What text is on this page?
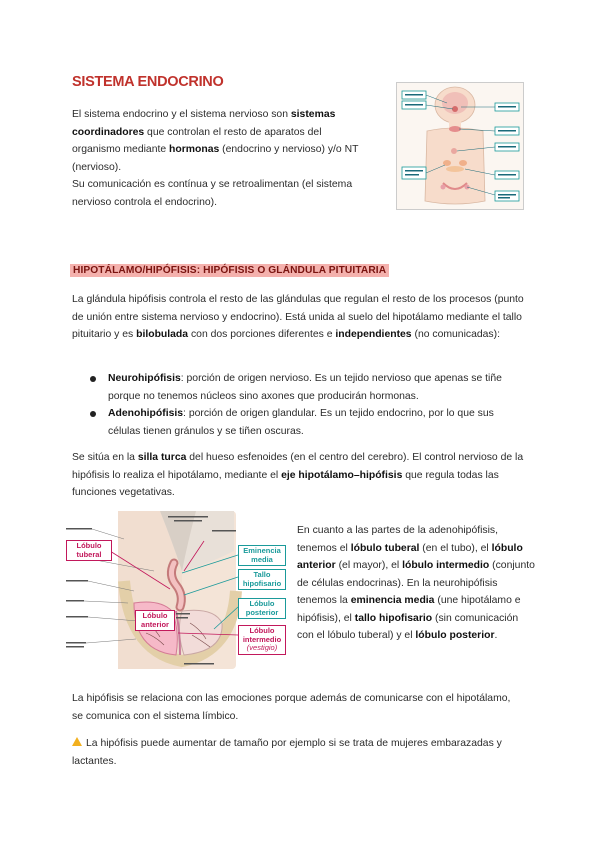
SISTEMA ENDOCRINO
El sistema endocrino y el sistema nervioso son sistemas coordinadores que controlan el resto de aparatos del organismo mediante hormonas (endocrino y nervioso) y/o NT (nervioso).
Su comunicación es contínua y se retroalimentan (el sistema nervioso controla el endocrino).
HIPOTÁLAMO/HIPÓFISIS: HIPÓFISIS O GLÁNDULA PITUITARIA
La glándula hipófisis controla el resto de las glándulas que regulan el resto de los procesos (punto de unión entre sistema nervioso y endocrino). Está unida al suelo del hipotálamo mediante el tallo pituitario y es bilobulada con dos porciones diferentes e independientes (no comunicadas):
Neurohipófisis: porción de origen nervioso. Es un tejido nervioso que apenas se tiñe porque no tenemos núcleos sino axones que producirán hormonas.
Adenohipófisis: porción de origen glandular. Es un tejido endocrino, por lo que sus células tienen gránulos y se tiñen oscuras.
Se sitúa en la silla turca del hueso esfenoides (en el centro del cerebro). El control nervioso de la hipófisis lo realiza el hipotálamo, mediante el eje hipotálamo–hipófisis que regula todas las funciones vegetativas.
Lóbulo tuberal
Lóbulo anterior
Eminencia media
Tallo hipofisario
Lóbulo posterior
Lóbulo intermedio
(vestigio)
En cuanto a las partes de la adenohipófisis, tenemos el lóbulo tuberal (en el tubo), el lóbulo anterior (el mayor), el lóbulo intermedio (conjunto de células endocrinas). En la neurohipófisis tenemos la eminencia media (une hipotálamo e hipófisis), el tallo hipofisario (sin comunicación con el lóbulo tuberal) y el lóbulo posterior.
La hipófisis se relaciona con las emociones porque además de comunicarse con el hipotálamo, se comunica con el sistema límbico.
La hipófisis puede aumentar de tamaño por ejemplo si se trata de mujeres embarazadas y lactantes.
